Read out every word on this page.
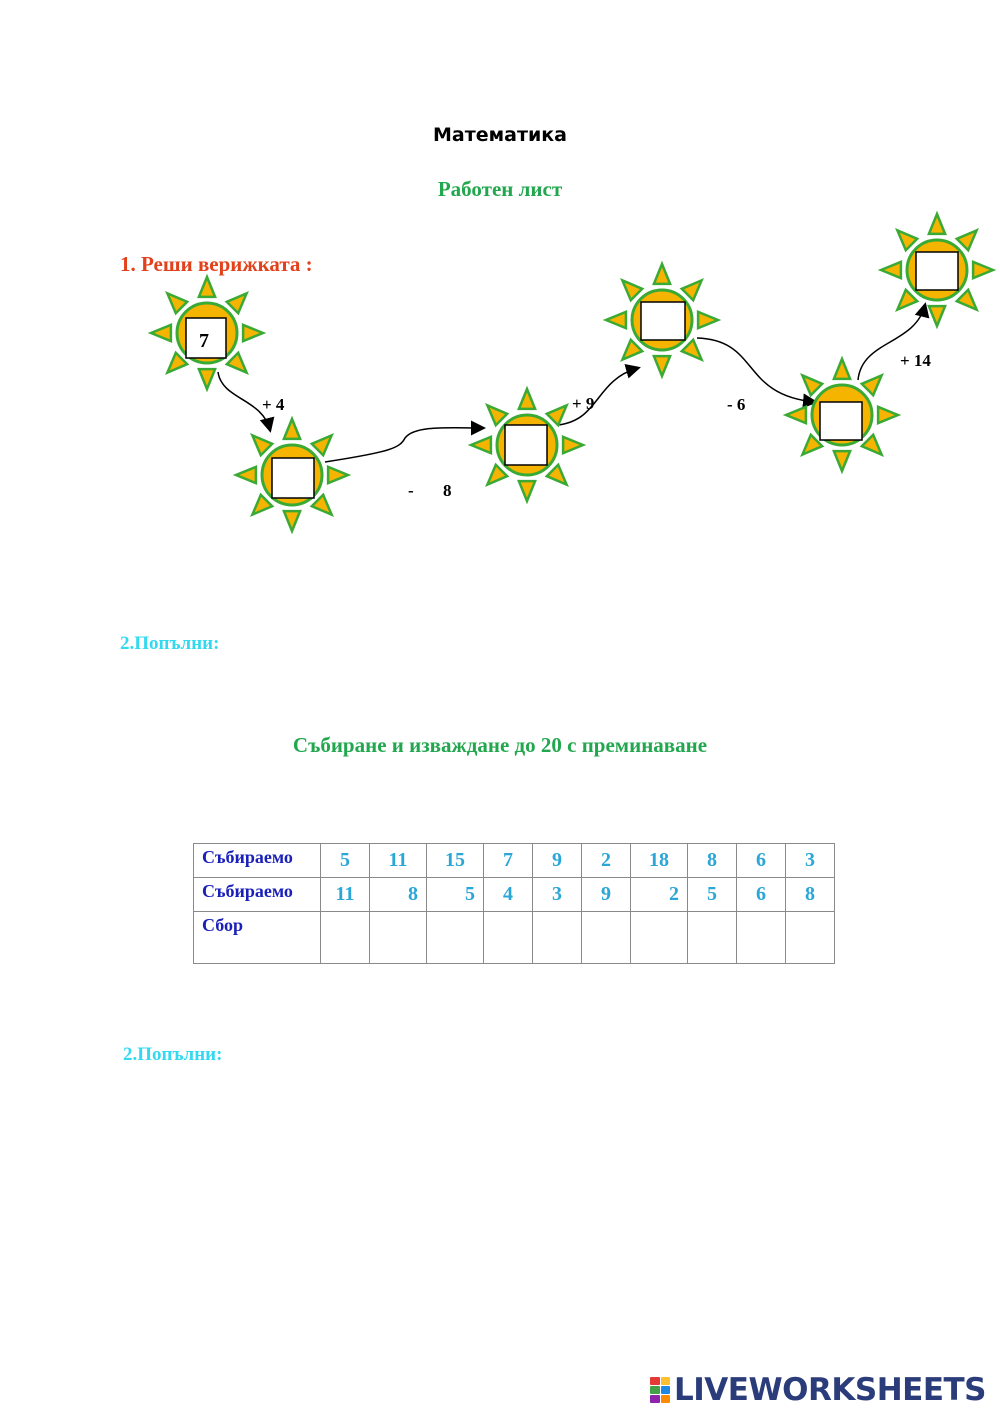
Математика
Работен лист
1. Реши верижката :
7
+ 4
- 8
+ 9	- 6
+ 14
2.Попълни:
Събиране и изваждане до 20 с преминаване
Събираемо	5	11	15	7	9	2	18	8	6	3
Събираемо	11	8	5	4	3	9	2	5	6	8
Сбор										
2.Попълни:
LIVEWORKSHEETS
